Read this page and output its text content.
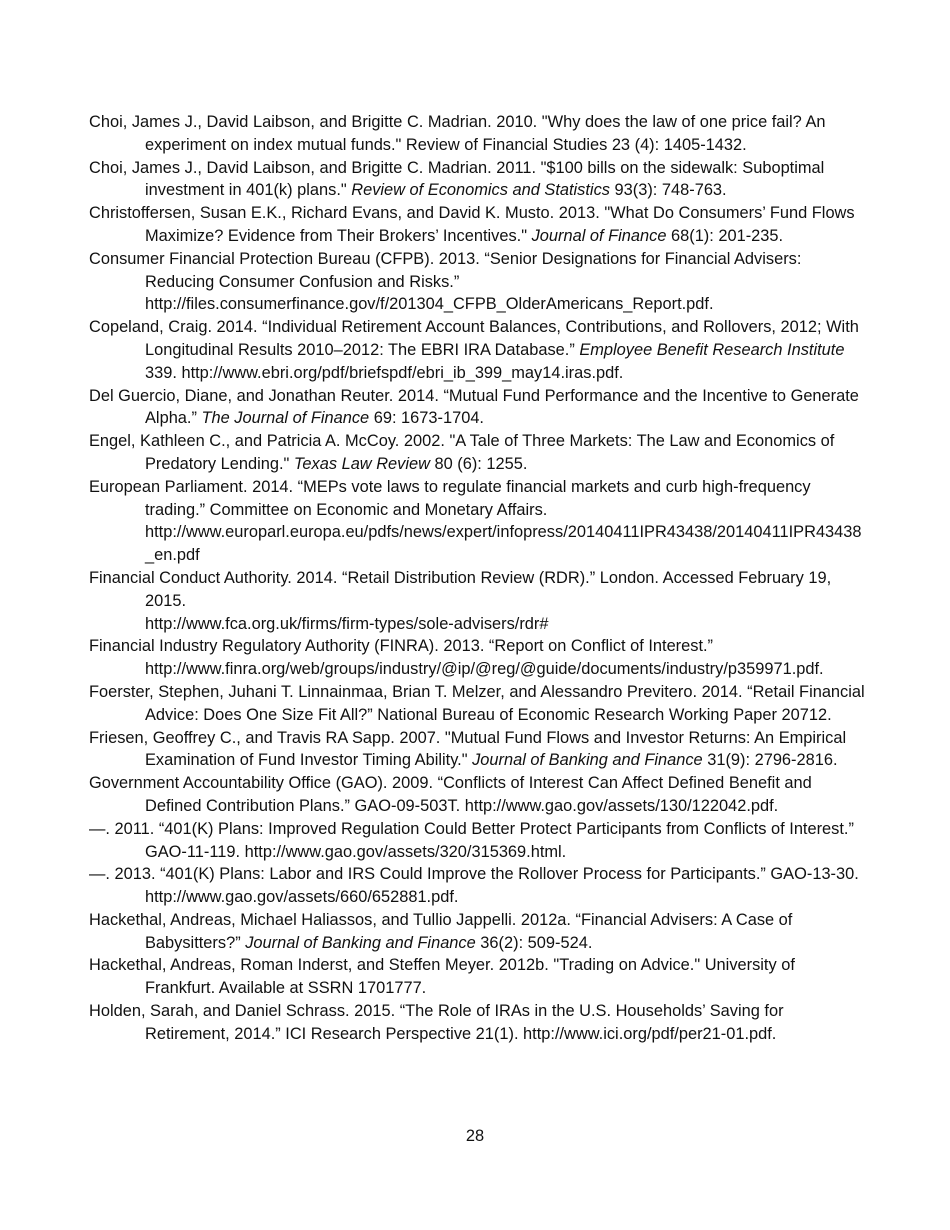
Choi, James J., David Laibson, and Brigitte C. Madrian. 2010. "Why does the law of one price fail? An experiment on index mutual funds." Review of Financial Studies 23 (4): 1405-1432.
Choi, James J., David Laibson, and Brigitte C. Madrian. 2011. "$100 bills on the sidewalk: Suboptimal investment in 401(k) plans." Review of Economics and Statistics 93(3): 748-763.
Christoffersen, Susan E.K., Richard Evans, and David K. Musto. 2013. "What Do Consumers’ Fund Flows Maximize? Evidence from Their Brokers’ Incentives." Journal of Finance 68(1): 201-235.
Consumer Financial Protection Bureau (CFPB). 2013. “Senior Designations for Financial Advisers: Reducing Consumer Confusion and Risks.”
http://files.consumerfinance.gov/f/201304_CFPB_OlderAmericans_Report.pdf.
Copeland, Craig. 2014. “Individual Retirement Account Balances, Contributions, and Rollovers, 2012; With Longitudinal Results 2010–2012: The EBRI IRA Database.” Employee Benefit Research Institute 339. http://www.ebri.org/pdf/briefspdf/ebri_ib_399_may14.iras.pdf.
Del Guercio, Diane, and Jonathan Reuter. 2014. “Mutual Fund Performance and the Incentive to Generate Alpha.” The Journal of Finance 69: 1673-1704.
Engel, Kathleen C., and Patricia A. McCoy. 2002. "A Tale of Three Markets: The Law and Economics of Predatory Lending." Texas Law Review 80 (6): 1255.
European Parliament. 2014. “MEPs vote laws to regulate financial markets and curb high-frequency trading.” Committee on Economic and Monetary Affairs.
http://www.europarl.europa.eu/pdfs/news/expert/infopress/20140411IPR43438/20140411IPR43438_en.pdf
Financial Conduct Authority. 2014. “Retail Distribution Review (RDR).” London. Accessed February 19, 2015.
http://www.fca.org.uk/firms/firm-types/sole-advisers/rdr#
Financial Industry Regulatory Authority (FINRA). 2013. “Report on Conflict of Interest.”
http://www.finra.org/web/groups/industry/@ip/@reg/@guide/documents/industry/p359971.pdf.
Foerster, Stephen, Juhani T. Linnainmaa, Brian T. Melzer, and Alessandro Previtero. 2014. “Retail Financial Advice: Does One Size Fit All?” National Bureau of Economic Research Working Paper 20712.
Friesen, Geoffrey C., and Travis RA Sapp. 2007. "Mutual Fund Flows and Investor Returns: An Empirical Examination of Fund Investor Timing Ability." Journal of Banking and Finance 31(9): 2796-2816.
Government Accountability Office (GAO). 2009. “Conflicts of Interest Can Affect Defined Benefit and Defined Contribution Plans.” GAO-09-503T. http://www.gao.gov/assets/130/122042.pdf.
—. 2011. “401(K) Plans: Improved Regulation Could Better Protect Participants from Conflicts of Interest.” GAO-11-119. http://www.gao.gov/assets/320/315369.html.
—. 2013. “401(K) Plans: Labor and IRS Could Improve the Rollover Process for Participants.” GAO-13-30. http://www.gao.gov/assets/660/652881.pdf.
Hackethal, Andreas, Michael Haliassos, and Tullio Jappelli. 2012a. “Financial Advisers: A Case of Babysitters?” Journal of Banking and Finance 36(2): 509-524.
Hackethal, Andreas, Roman Inderst, and Steffen Meyer. 2012b. "Trading on Advice." University of Frankfurt. Available at SSRN 1701777.
Holden, Sarah, and Daniel Schrass. 2015. “The Role of IRAs in the U.S. Households’ Saving for Retirement, 2014.” ICI Research Perspective 21(1). http://www.ici.org/pdf/per21-01.pdf.
28
